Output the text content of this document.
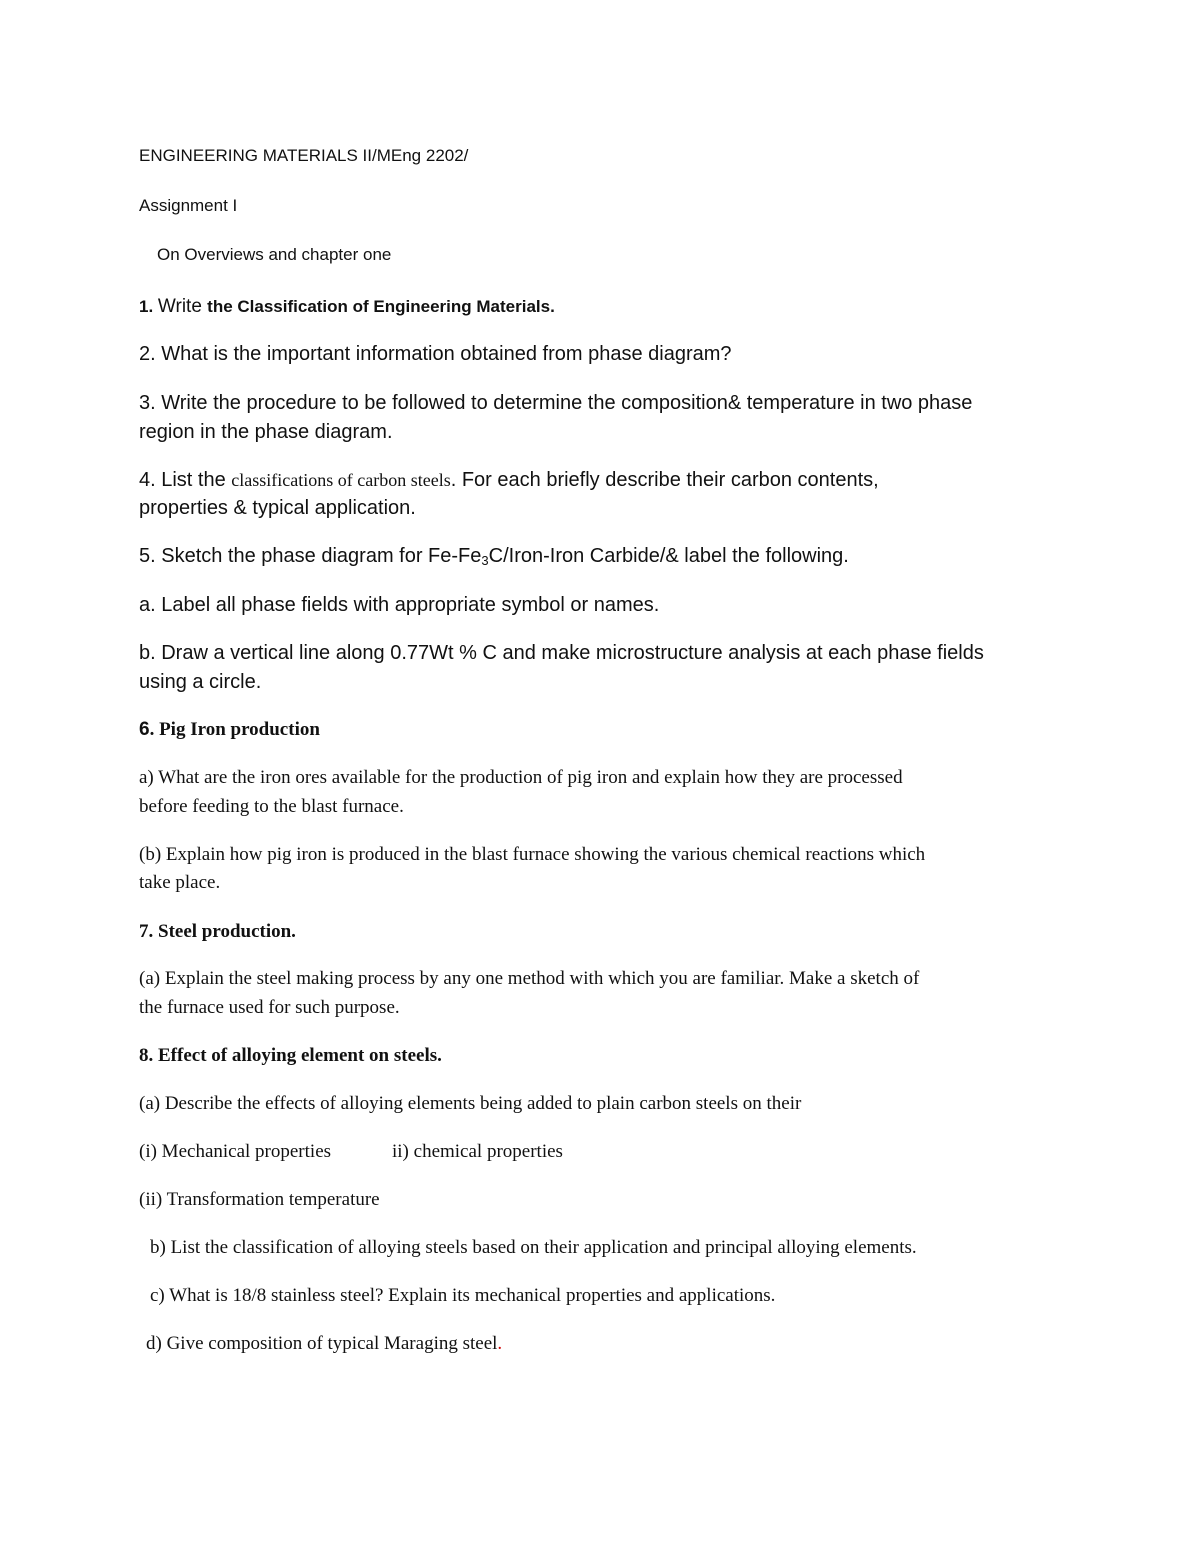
ENGINEERING MATERIALS II/MEng 2202/

Assignment I

On Overviews and chapter one

1. Write the Classification of Engineering Materials.

2. What is the important information obtained from phase diagram?

3. Write the procedure to be followed to determine the composition& temperature in two phase

region in the phase diagram.

4. List the classifications of carbon steels. For each briefly describe their carbon contents,

properties & typical application.

5. Sketch the phase diagram for $Fe-Fe_3C/Iron$-Iron Carbide/& label the following.

a. Label all phase fields with appropriate symbol or names.

b. Draw a vertical line along 0.77Wt % C and make microstructure analysis at each phase fields

using a circle.

6. Pig Iron production

a) What are the iron ores available for the production of pig iron and explain how they are processed

before feeding to the blast furnace.

(b) Explain how pig iron is produced in the blast furnace showing the various chemical reactions which

take place.

7. Steel production.

(a) Explain the steel making process by any one method with which you are familiar. Make a sketch of

the furnace used for such purpose.

8. Effect of alloying element on steels.

(a) Describe the effects of alloying elements being added to plain carbon steels on their

(i) Mechanical properties	ii) chemical properties

(ii) Transformation temperature

b) List the classification of alloying steels based on their application and principal alloying elements.

c) What is 18/8 stainless steel? Explain its mechanical properties and applications.

d) Give composition of typical Maraging steel.
